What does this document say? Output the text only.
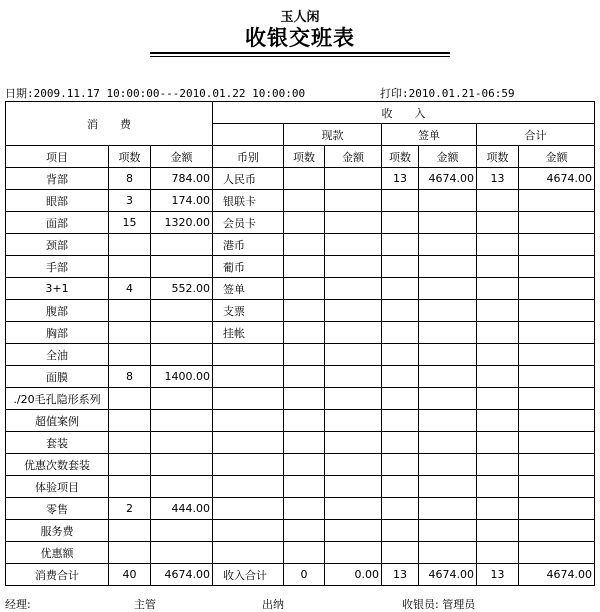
玉人闲
收银交班表
日期:2009.11.17 10:00:00---2010.01.22 10:00:00	打印:2010.01.21-06:59
消　　费			收　　入						
				现款		签单		合计	
项目	项数	金额	币别	项数	金额	项数	金额	项数	金额
背部	8	784.00	人民币			13	4674.00	13	4674.00
眼部	3	174.00	银联卡						
面部	15	1320.00	会员卡						
颈部			港币						
手部			葡币						
3+1	4	552.00	签单						
腹部			支票						
胸部			挂帐						
全油									
面膜	8	1400.00							
./20毛孔隐形系列									
超值案例									
套装									
优惠次数套装									
体验项目									
零售	2	444.00							
服务费									
优惠额									
消费合计	40	4674.00	收入合计	0	0.00	13	4674.00	13	4674.00
经理:	主管	出纳	收银员: 管理员
